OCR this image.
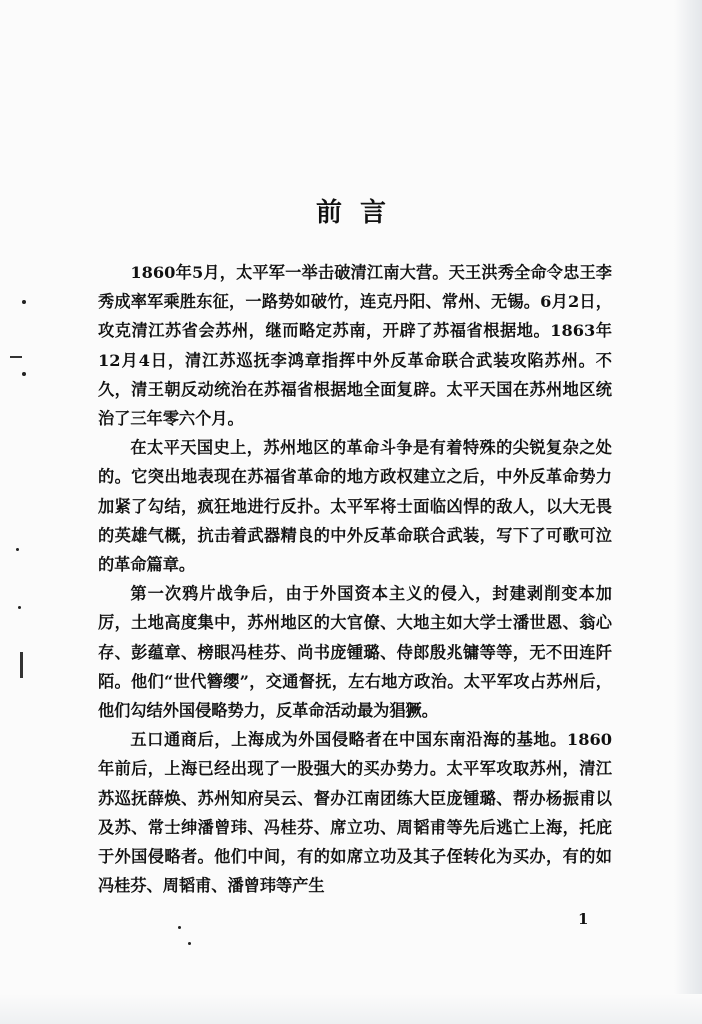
前言

1860年5月，太平军一举击破清江南大营。天王洪秀全命令忠王李秀成率军乘胜东征，一路势如破竹，连克丹阳、常州、无锡。6月2日，攻克清江苏省会苏州，继而略定苏南，开辟了苏福省根据地。1863年12月4日，清江苏巡抚李鸿章指挥中外反革命联合武装攻陷苏州。不久，清王朝反动统治在苏福省根据地全面复辟。太平天国在苏州地区统治了三年零六个月。

在太平天国史上，苏州地区的革命斗争是有着特殊的尖锐复杂之处的。它突出地表现在苏福省革命的地方政权建立之后，中外反革命势力加紧了勾结，疯狂地进行反扑。太平军将士面临凶悍的敌人，以大无畏的英雄气概，抗击着武器精良的中外反革命联合武装，写下了可歌可泣的革命篇章。

第一次鸦片战争后，由于外国资本主义的侵入，封建剥削变本加厉，土地高度集中，苏州地区的大官僚、大地主如大学士潘世恩、翁心存、彭蕴章、榜眼冯桂芬、尚书庞锺璐、侍郎殷兆镛等等，无不田连阡陌。他们“世代簪缨”，交通督抚，左右地方政治。太平军攻占苏州后，他们勾结外国侵略势力，反革命活动最为猖獗。

五口通商后，上海成为外国侵略者在中国东南沿海的基地。1860年前后，上海已经出现了一股强大的买办势力。太平军攻取苏州，清江苏巡抚薛焕、苏州知府吴云、督办江南团练大臣庞锺璐、帮办杨振甫以及苏、常士绅潘曾玮、冯桂芬、席立功、周韬甫等先后逃亡上海，托庇于外国侵略者。他们中间，有的如席立功及其子侄转化为买办，有的如冯桂芬、周韬甫、潘曾玮等产生

1
